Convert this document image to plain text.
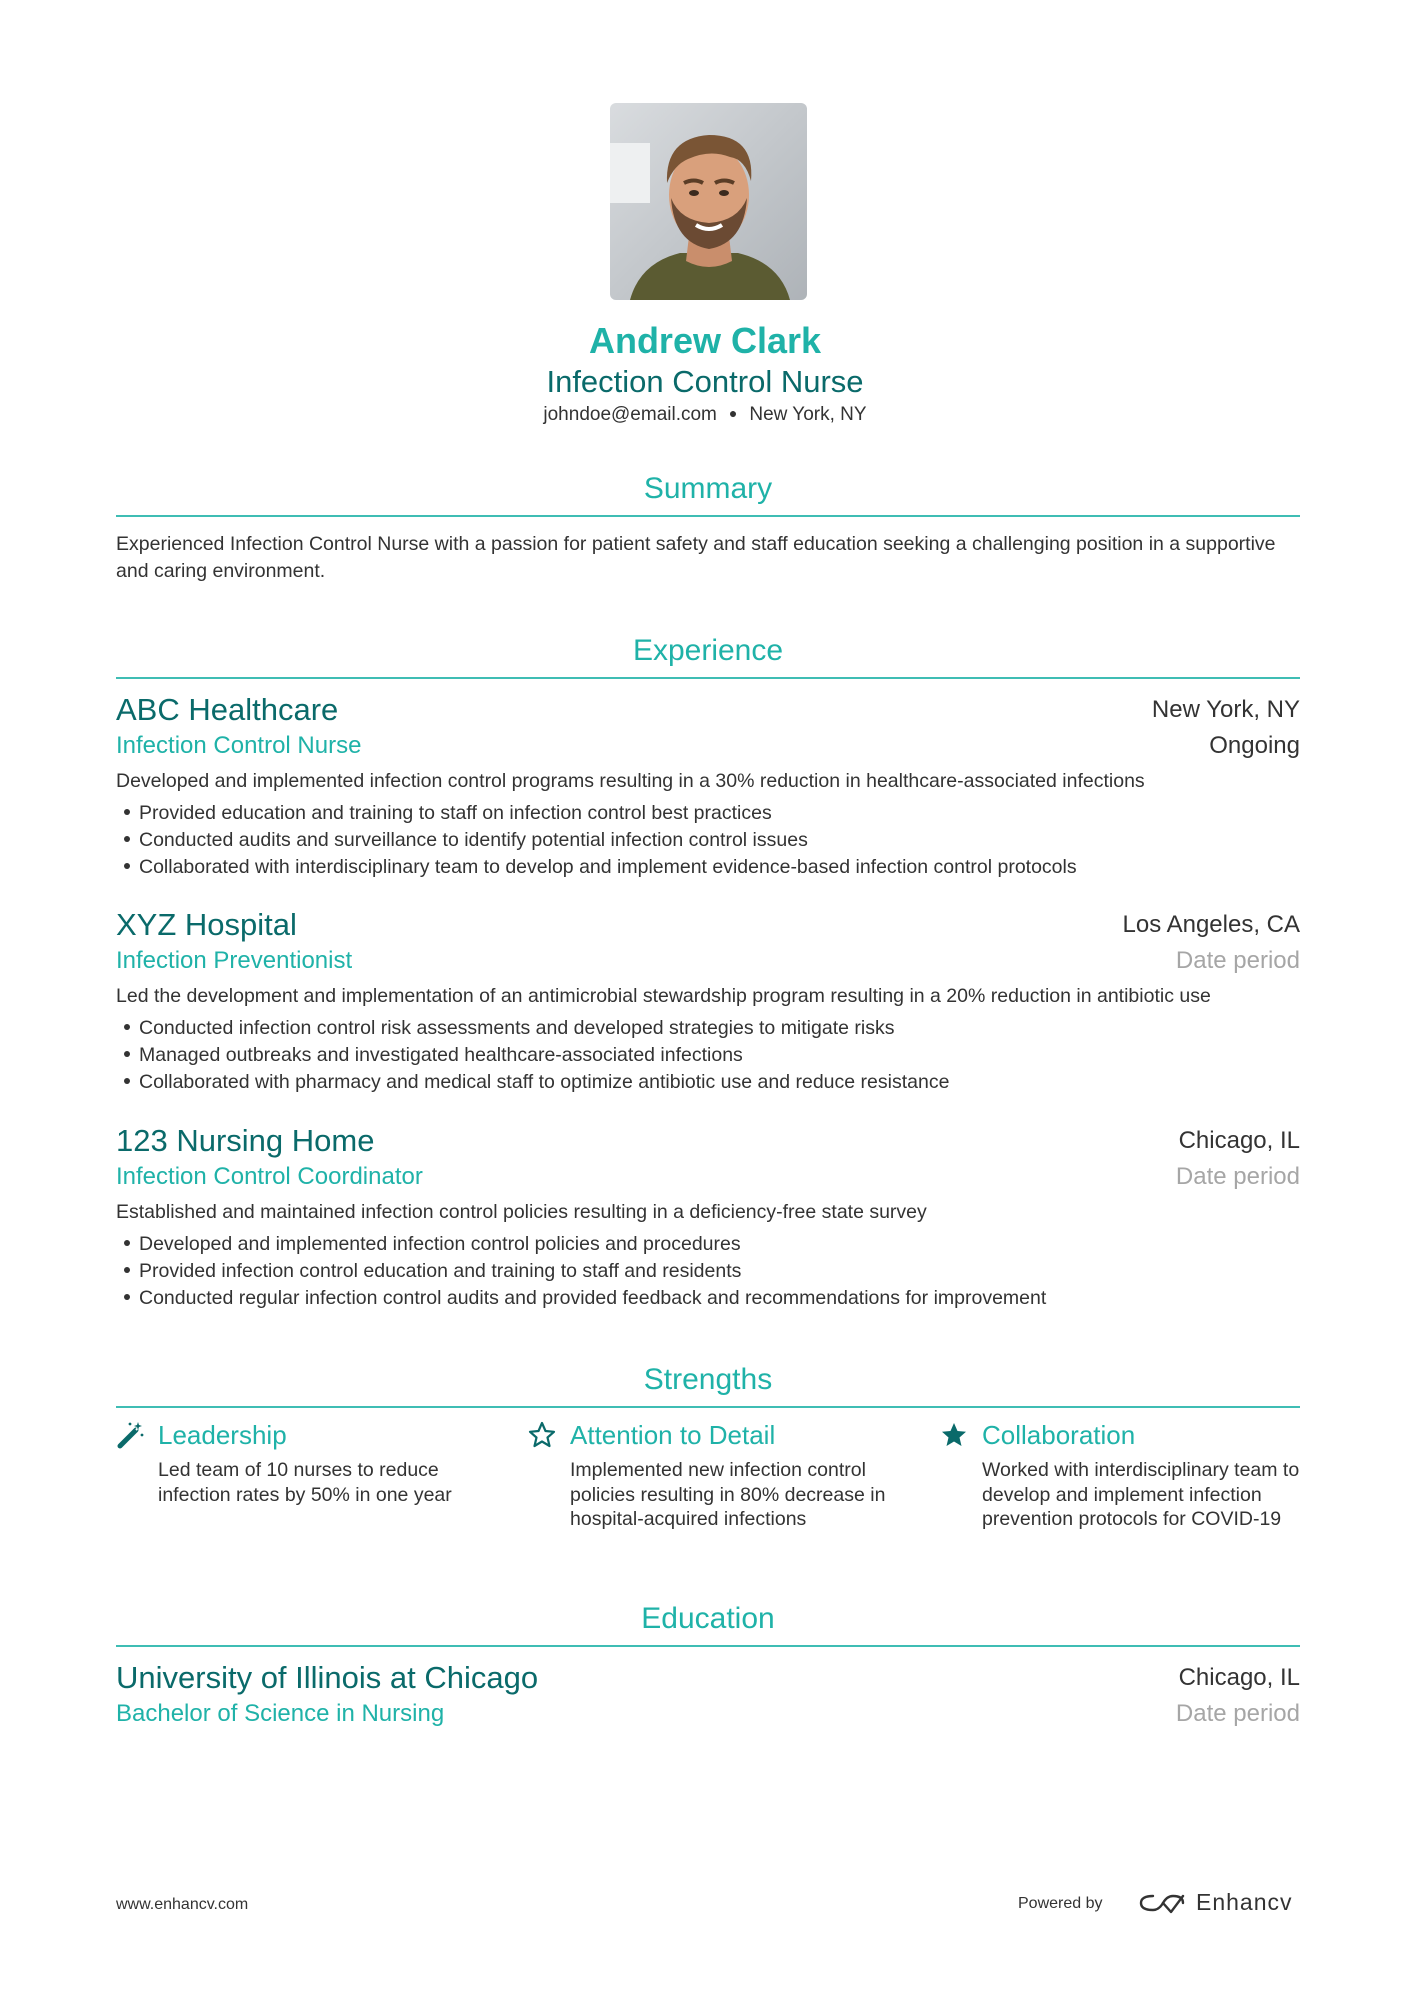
Andrew Clark
Infection Control Nurse
johndoe@email.com ● New York, NY
Summary
Experienced Infection Control Nurse with a passion for patient safety and staff education seeking a challenging position in a supportive and caring environment.
Experience
ABC Healthcare	New York, NY
Infection Control Nurse	Ongoing
Developed and implemented infection control programs resulting in a 30% reduction in healthcare-associated infections
Provided education and training to staff on infection control best practices
Conducted audits and surveillance to identify potential infection control issues
Collaborated with interdisciplinary team to develop and implement evidence-based infection control protocols
XYZ Hospital	Los Angeles, CA
Infection Preventionist	Date period
Led the development and implementation of an antimicrobial stewardship program resulting in a 20% reduction in antibiotic use
Conducted infection control risk assessments and developed strategies to mitigate risks
Managed outbreaks and investigated healthcare-associated infections
Collaborated with pharmacy and medical staff to optimize antibiotic use and reduce resistance
123 Nursing Home	Chicago, IL
Infection Control Coordinator	Date period
Established and maintained infection control policies resulting in a deficiency-free state survey
Developed and implemented infection control policies and procedures
Provided infection control education and training to staff and residents
Conducted regular infection control audits and provided feedback and recommendations for improvement
Strengths
Leadership
Led team of 10 nurses to reduce infection rates by 50% in one year
Attention to Detail
Implemented new infection control policies resulting in 80% decrease in hospital-acquired infections
Collaboration
Worked with interdisciplinary team to develop and implement infection prevention protocols for COVID-19
Education
University of Illinois at Chicago	Chicago, IL
Bachelor of Science in Nursing	Date period
www.enhancv.com	Powered by	Enhancv
